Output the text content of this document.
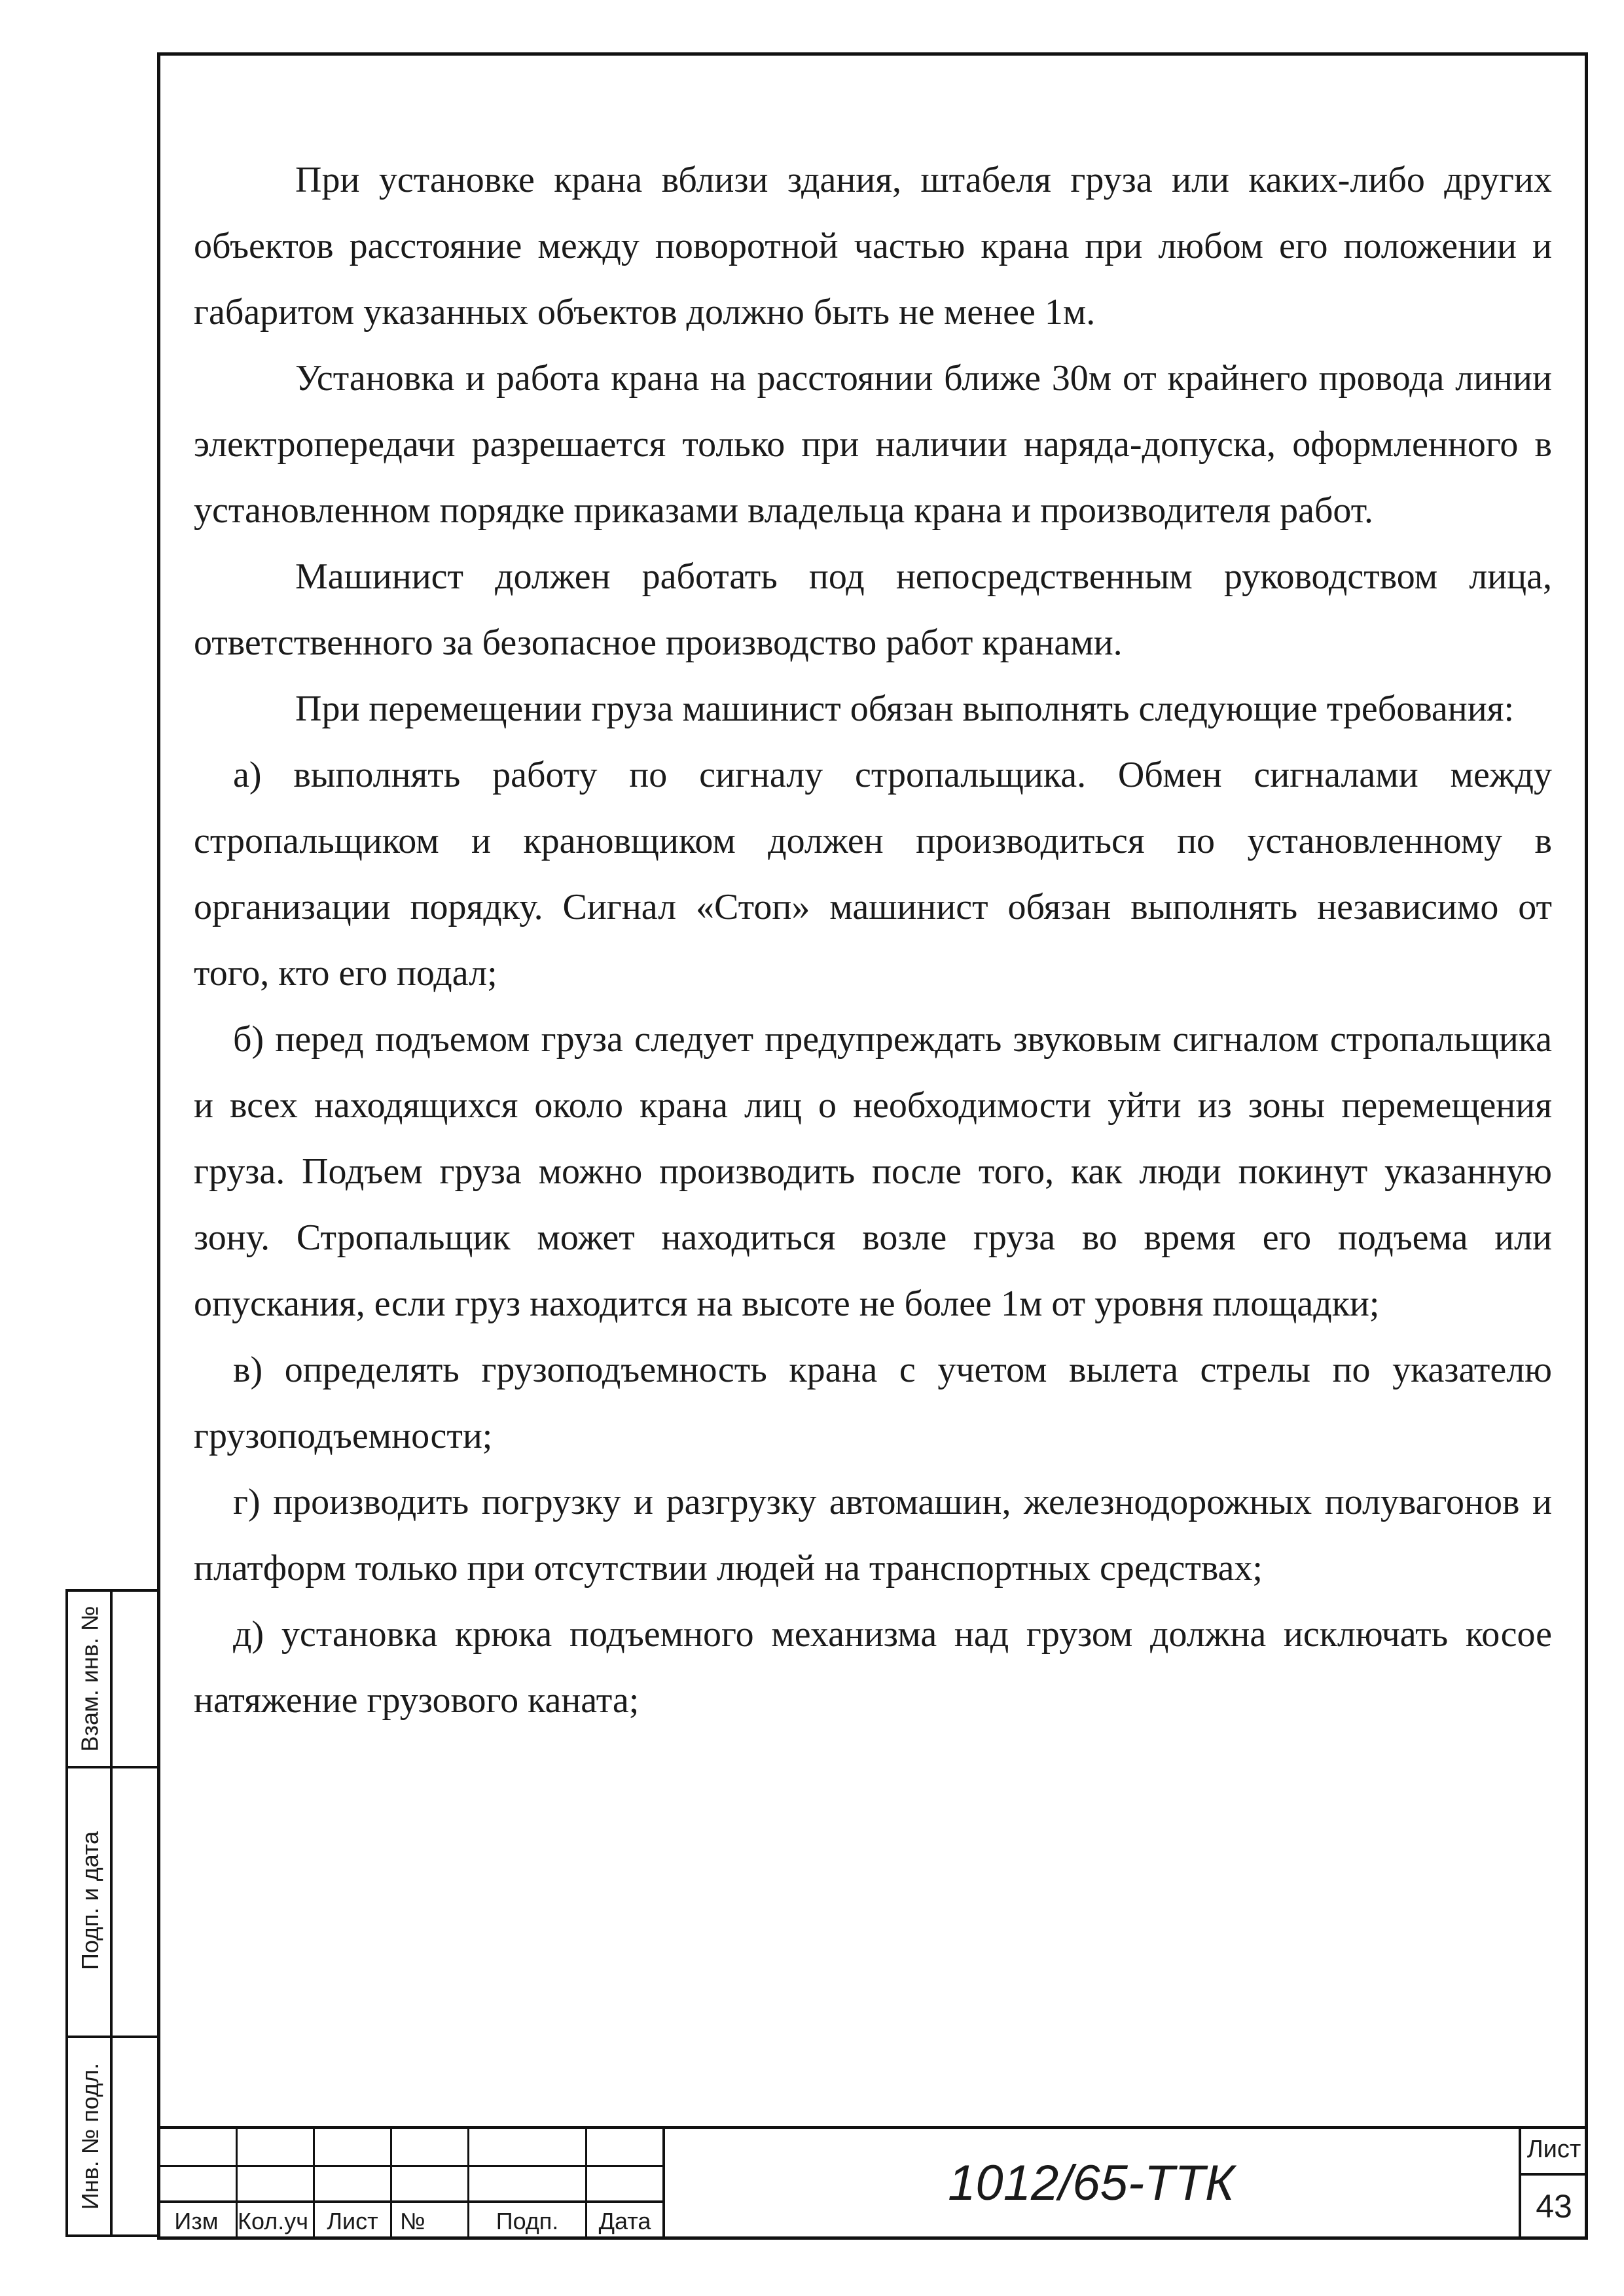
При установке крана вблизи здания, штабеля груза или каких-либо других объектов расстояние между поворотной частью крана при любом его положении и габаритом указанных объектов должно быть не менее 1м.

Установка и работа крана на расстоянии ближе 30м от крайнего провода линии электропередачи разрешается только при наличии наряда-допуска, оформленного в установленном порядке приказами владельца крана и производителя работ.

Машинист должен работать под непосредственным руководством лица, ответственного за безопасное производство работ кранами.

При перемещении груза машинист обязан выполнять следующие требования:

а) выполнять работу по сигналу стропальщика. Обмен сигналами между стропальщиком и крановщиком должен производиться по установленному в организации порядку. Сигнал «Стоп» машинист обязан выполнять независимо от того, кто его подал;

б) перед подъемом груза следует предупреждать звуковым сигналом стропальщика и всех находящихся около крана лиц о необходимости уйти из зоны перемещения груза. Подъем груза можно производить после того, как люди покинут указанную зону. Стропальщик может находиться возле груза во время его подъема или опускания, если груз находится на высоте не более 1м от уровня площадки;

в) определять грузоподъемность крана с учетом вылета стрелы по указателю грузоподъемности;

г) производить погрузку и разгрузку автомашин, железнодорожных полувагонов и платформ только при отсутствии людей на транспортных средствах;

д) установка крюка подъемного механизма над грузом должна исключать косое натяжение грузового каната;

Взам. инв. №
Подп. и дата
Инв. № подл.
Изм Кол.уч Лист №	Подп.	Дата
1012/65-ТТК
Лист
43
